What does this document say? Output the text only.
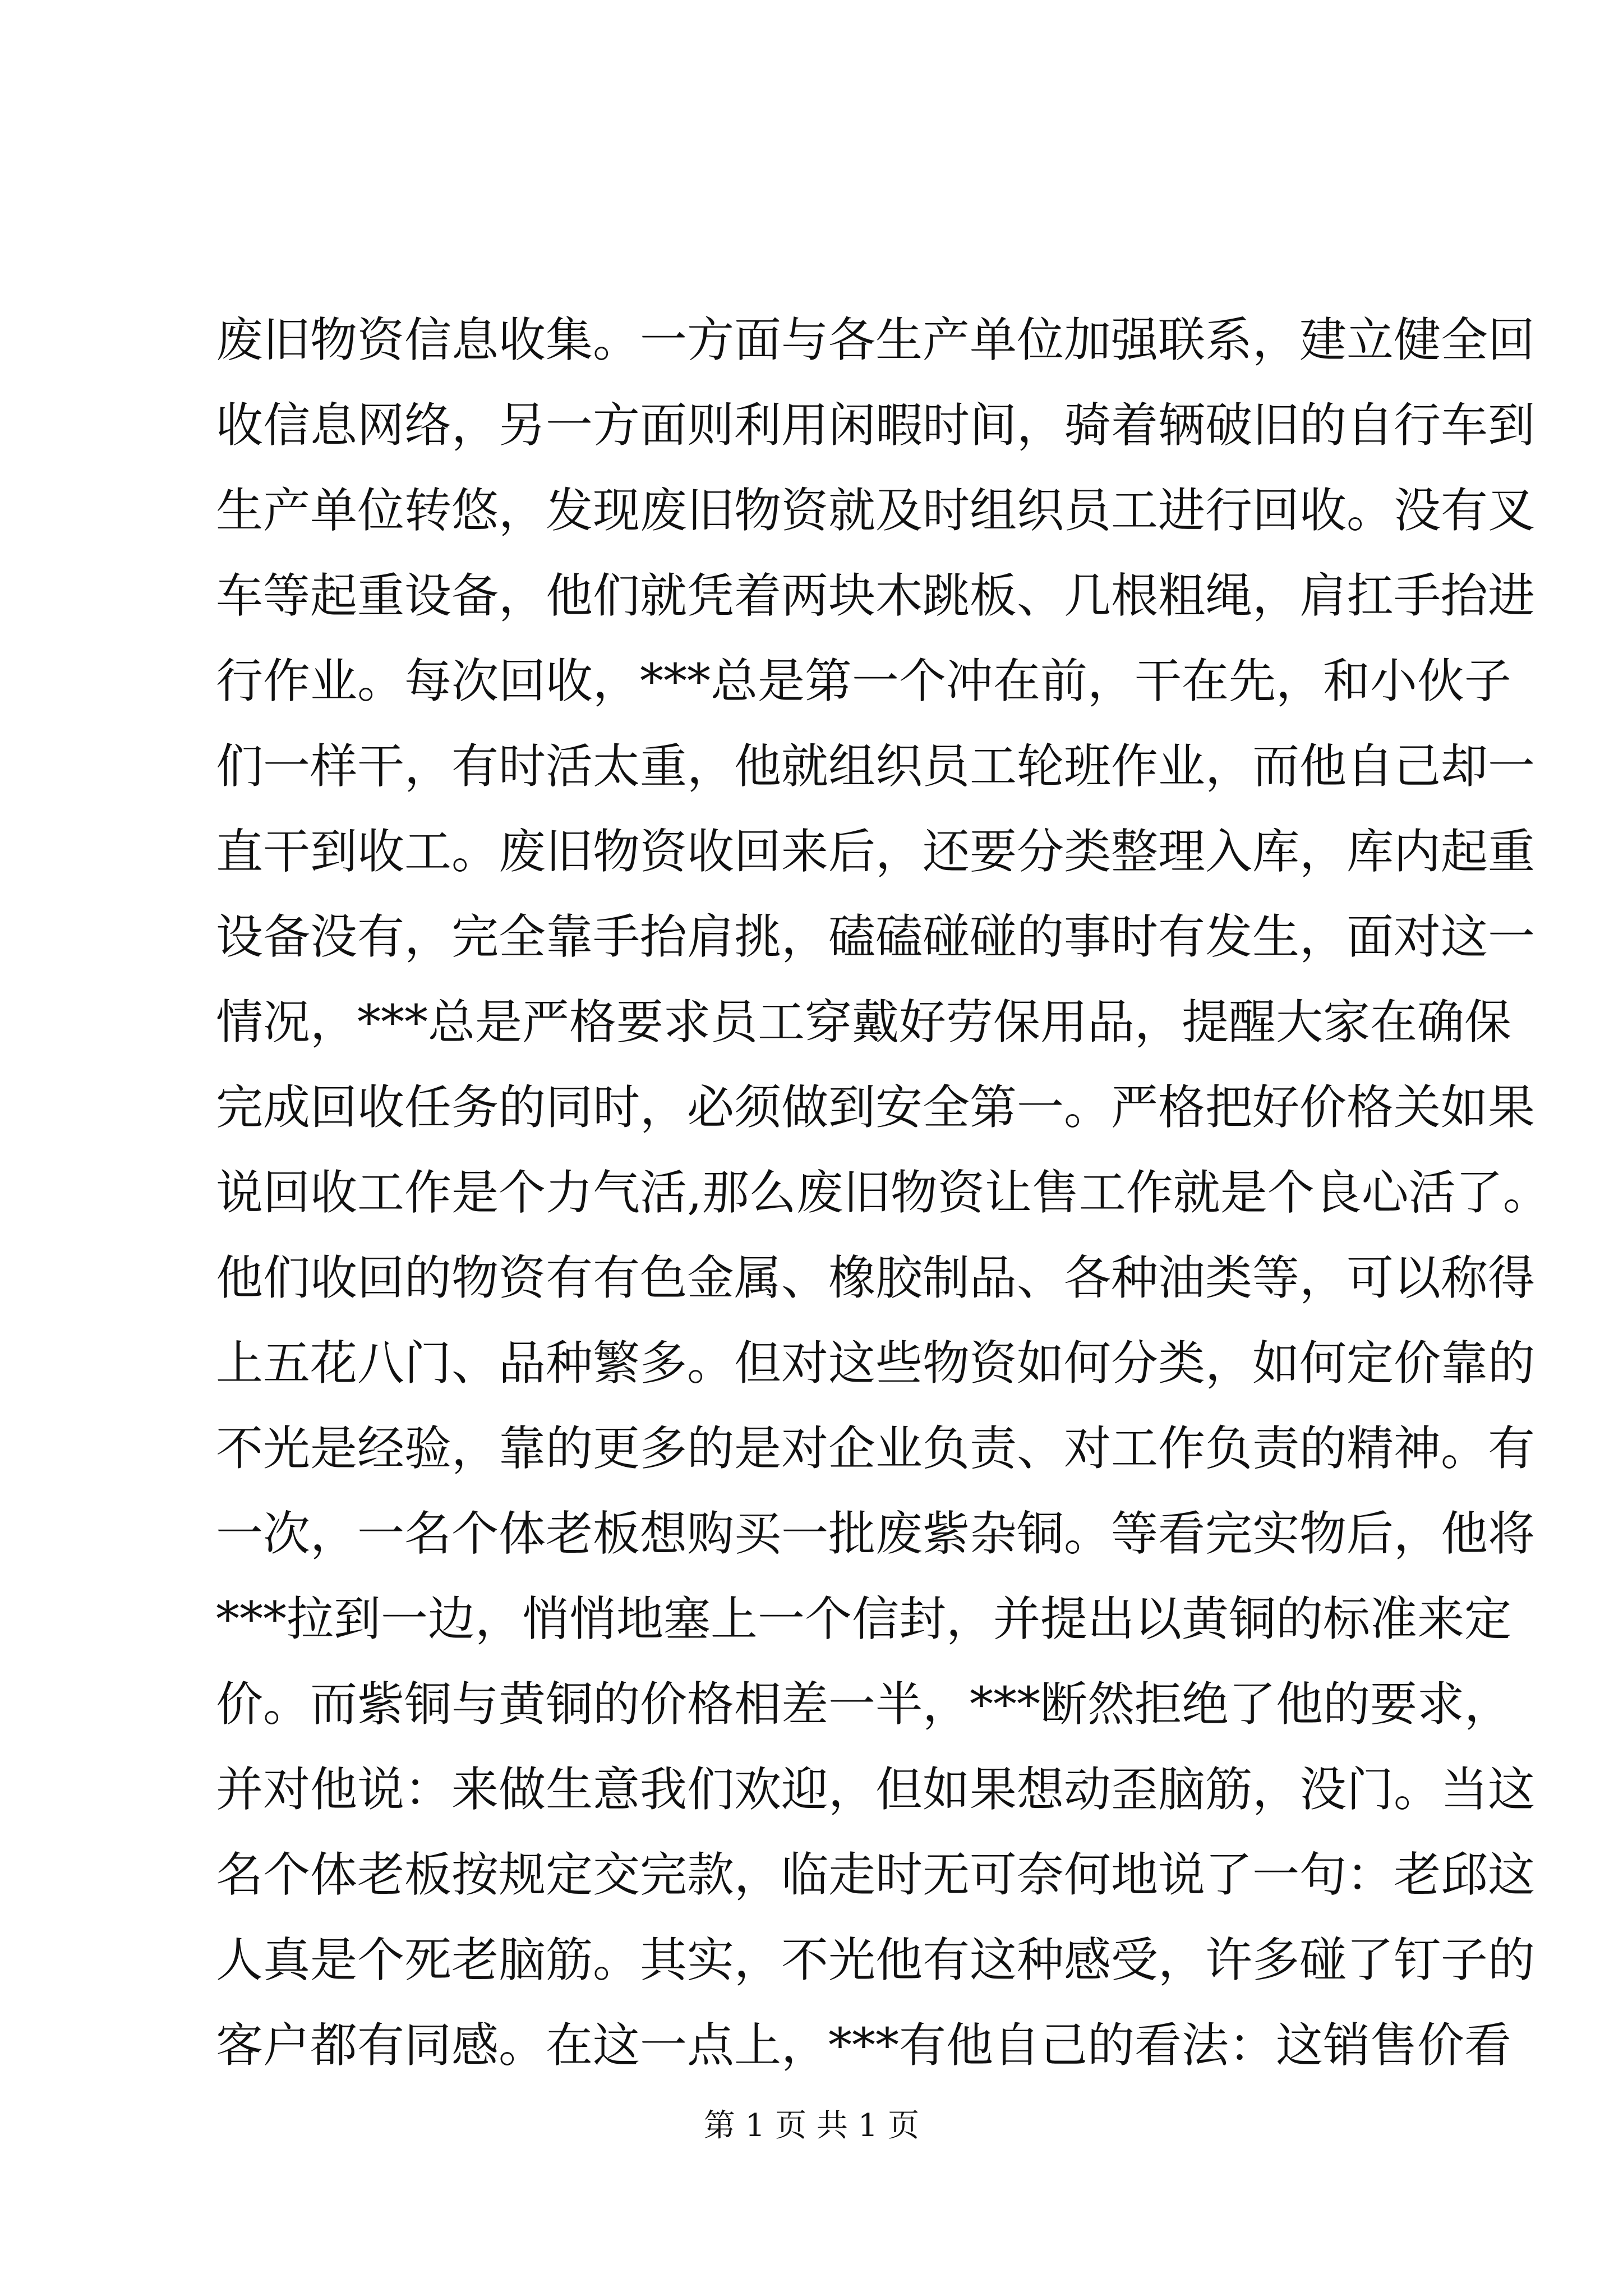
废旧物资信息收集。一方面与各生产单位加强联系，建立健全回
收信息网络，另一方面则利用闲暇时间，骑着辆破旧的自行车到
生产单位转悠，发现废旧物资就及时组织员工进行回收。没有叉
车等起重设备，他们就凭着两块木跳板、几根粗绳，肩扛手抬进
行作业。每次回收，***总是第一个冲在前，干在先，和小伙子
们一样干，有时活太重，他就组织员工轮班作业，而他自己却一
直干到收工。废旧物资收回来后，还要分类整理入库，库内起重
设备没有，完全靠手抬肩挑，磕磕碰碰的事时有发生，面对这一
情况，***总是严格要求员工穿戴好劳保用品，提醒大家在确保
完成回收任务的同时，必须做到安全第一。严格把好价格关如果
说回收工作是个力气活,那么废旧物资让售工作就是个良心活了。
他们收回的物资有有色金属、橡胶制品、各种油类等，可以称得
上五花八门、品种繁多。但对这些物资如何分类，如何定价靠的
不光是经验，靠的更多的是对企业负责、对工作负责的精神。有
一次，一名个体老板想购买一批废紫杂铜。等看完实物后，他将
***拉到一边，悄悄地塞上一个信封，并提出以黄铜的标准来定
价。而紫铜与黄铜的价格相差一半，***断然拒绝了他的要求，
并对他说：来做生意我们欢迎，但如果想动歪脑筋，没门。当这
名个体老板按规定交完款，临走时无可奈何地说了一句：老邱这
人真是个死老脑筋。其实，不光他有这种感受，许多碰了钉子的
客户都有同感。在这一点上，***有他自己的看法：这销售价看
第 1 页 共 1 页
